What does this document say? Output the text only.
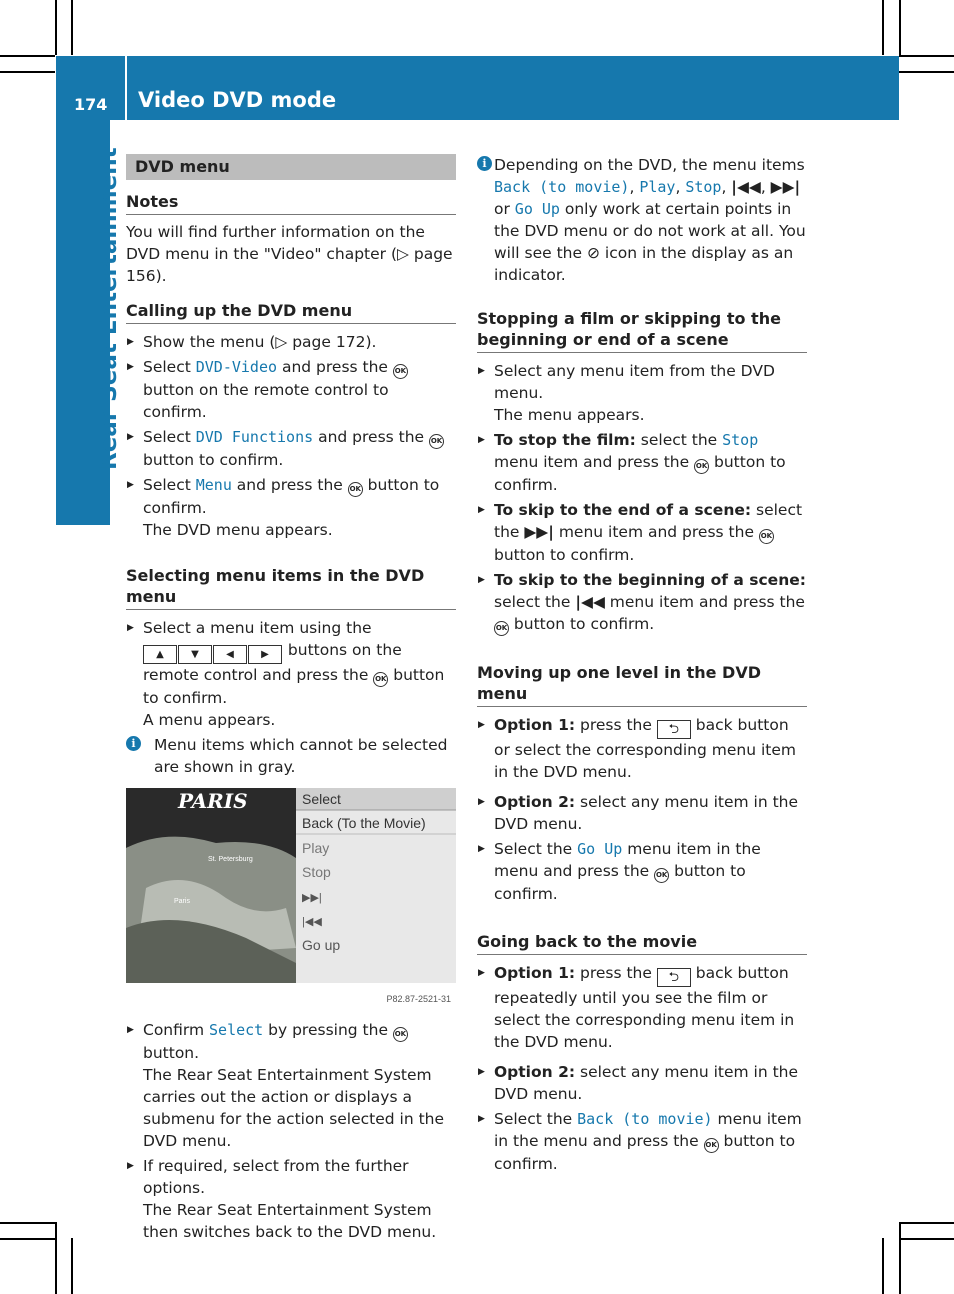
174 Video DVD mode
Rear Seat Entertainment DVD menu
Notes

You will find further information on the DVD menu in the "Video" chapter (▷ page 156).

Calling up the DVD menu
▶ Show the menu (▷ page 172).
▶ Select DVD-Video and press the OK button on the remote control to confirm.
▶ Select DVD Functions and press the OK button to confirm.
▶ Select Menu and press the OK button to confirm.
The DVD menu appears.
Selecting menu items in the DVD menu
▶ Select a menu item using the
▲	▼	◀	▶ buttons on the remote control and press the OK button to confirm.
A menu appears.
i	Menu items which cannot be selected are shown in gray.
PARIS
St. Petersburg
Paris
Select
Back (To the Movie)
Play
Stop
▶▶|
|◀◀
Go up
P82.87-2521-31
▶ Confirm Select by pressing the OK button.
The Rear Seat Entertainment System carries out the action or displays a submenu for the action selected in the DVD menu.
▶ If required, select from the further options.
The Rear Seat Entertainment System then switches back to the DVD menu.
i Depending on the DVD, the menu items Back (to movie), Play, Stop, |◀◀, ▶▶| or Go Up only work at certain points in the DVD menu or do not work at all. You will see the ⊘ icon in the display as an indicator.
Stopping a film or skipping to the beginning or end of a scene
▶ Select any menu item from the DVD menu.
The menu appears.
▶ To stop the film: select the Stop menu item and press the OK button to confirm.
▶ To skip to the end of a scene: select the ▶▶| menu item and press the OK button to confirm.
▶ To skip to the beginning of a scene: select the |◀◀ menu item and press the OK button to confirm.
Moving up one level in the DVD menu
▶ Option 1: press the ⮌ back button or select the corresponding menu item in the DVD menu.
▶ Option 2: select any menu item in the DVD menu.
▶ Select the Go Up menu item in the menu and press the OK button to confirm.
Going back to the movie
▶ Option 1: press the ⮌ back button repeatedly until you see the film or select the corresponding menu item in the DVD menu.
▶ Option 2: select any menu item in the DVD menu.
▶ Select the Back (to movie) menu item in the menu and press the OK button to confirm.
